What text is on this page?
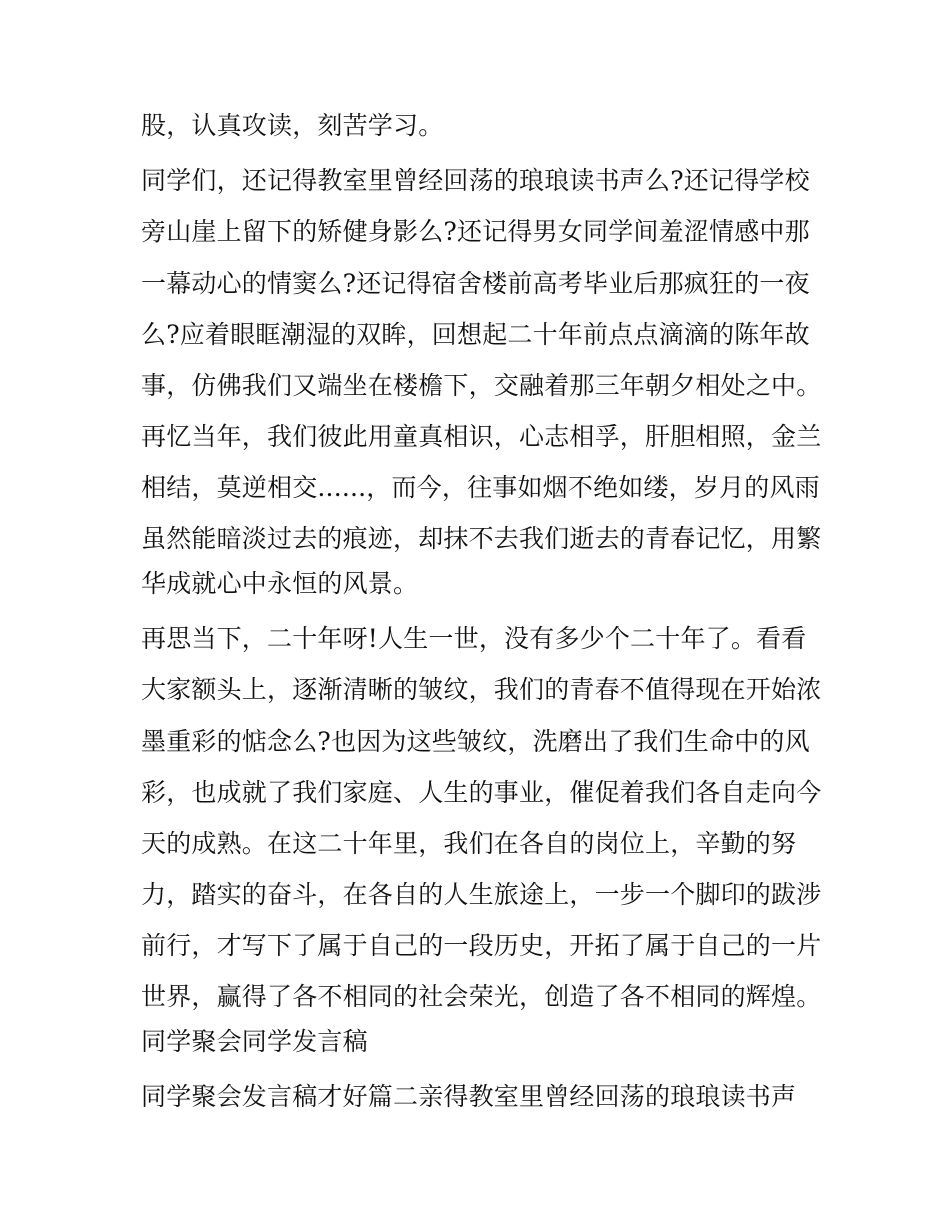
股，认真攻读，刻苦学习。
同学们，还记得教室里曾经回荡的琅琅读书声么?还记得学校
旁山崖上留下的矫健身影么?还记得男女同学间羞涩情感中那
一幕动心的情窦么?还记得宿舍楼前高考毕业后那疯狂的一夜
么?应着眼眶潮湿的双眸，回想起二十年前点点滴滴的陈年故
事，仿佛我们又端坐在楼檐下，交融着那三年朝夕相处之中。
再忆当年，我们彼此用童真相识，心志相孚，肝胆相照，金兰
相结，莫逆相交......，而今，往事如烟不绝如缕，岁月的风雨
虽然能暗淡过去的痕迹，却抹不去我们逝去的青春记忆，用繁
华成就心中永恒的风景。
再思当下，二十年呀!人生一世，没有多少个二十年了。看看
大家额头上，逐渐清晰的皱纹，我们的青春不值得现在开始浓
墨重彩的惦念么?也因为这些皱纹，洗磨出了我们生命中的风
彩，也成就了我们家庭、人生的事业，催促着我们各自走向今
天的成熟。在这二十年里，我们在各自的岗位上，辛勤的努
力，踏实的奋斗，在各自的人生旅途上，一步一个脚印的跋涉
前行，才写下了属于自己的一段历史，开拓了属于自己的一片
世界，赢得了各不相同的社会荣光，创造了各不相同的辉煌。
同学聚会同学发言稿
同学聚会发言稿才好篇二亲得教室里曾经回荡的琅琅读书声
